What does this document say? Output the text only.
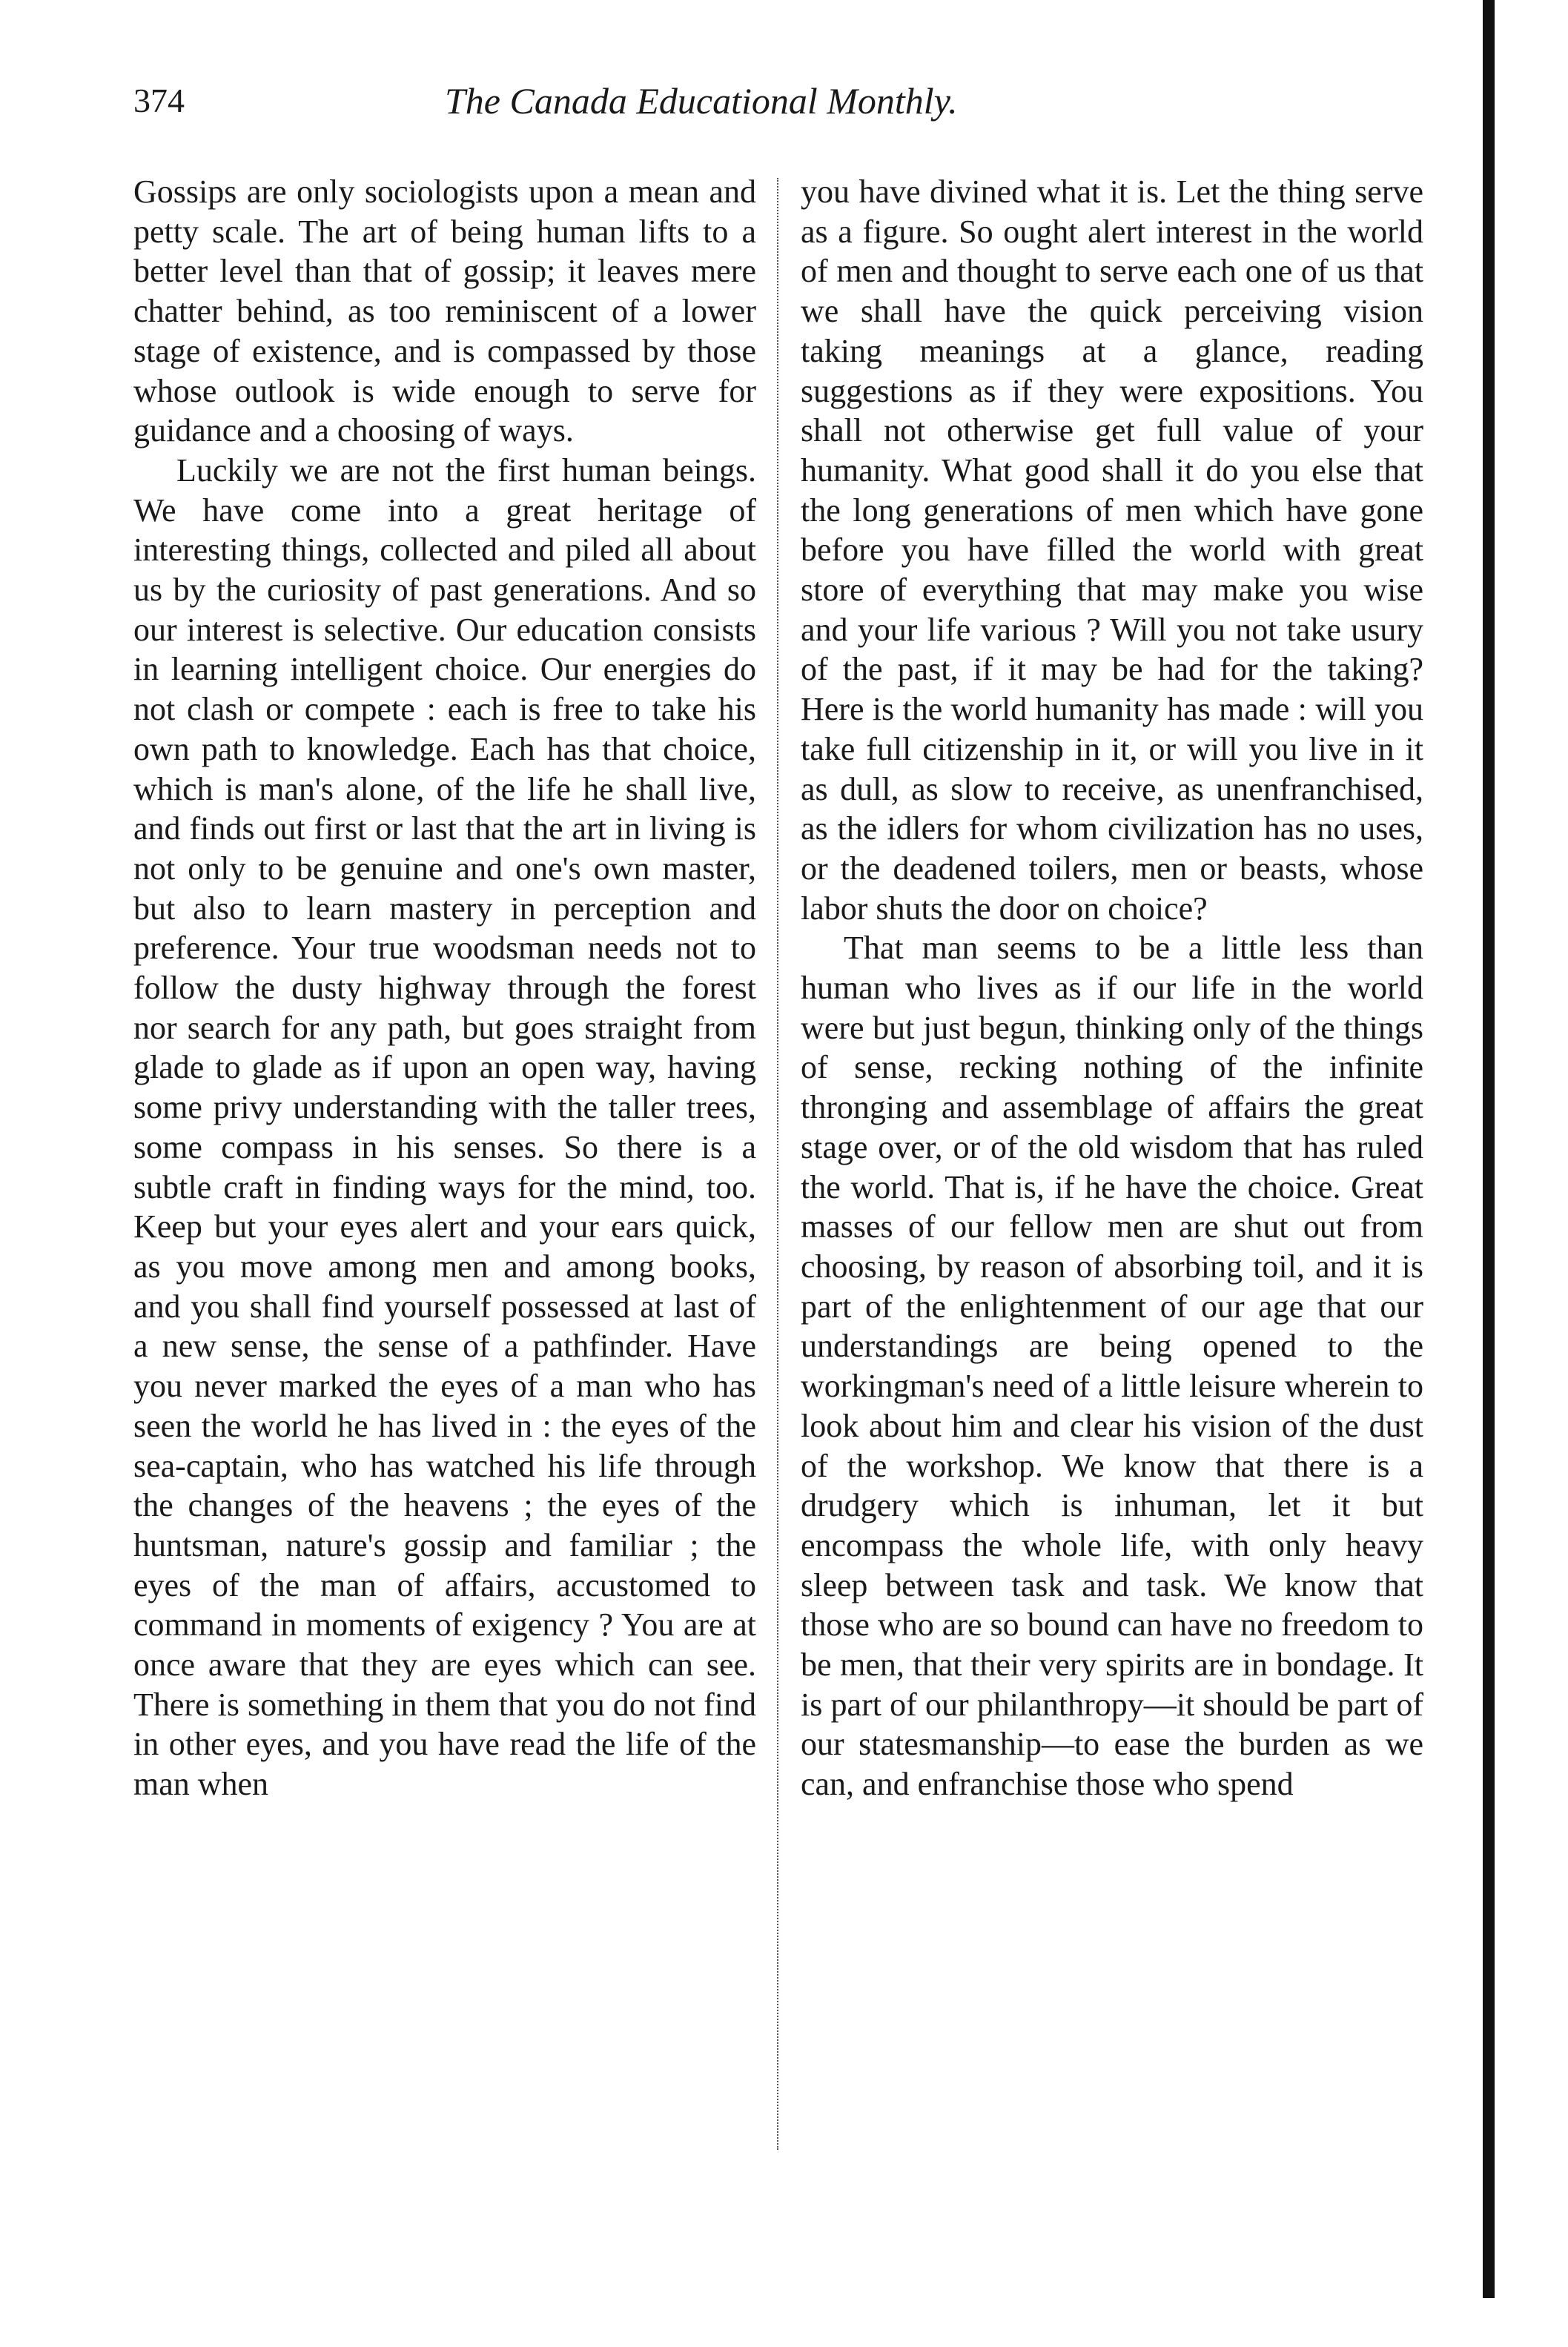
374	The Canada Educational Monthly.

Gossips are only sociologists upon a mean and petty scale. The art of being human lifts to a better level than that of gossip; it leaves mere chatter behind, as too reminiscent of a lower stage of existence, and is compassed by those whose outlook is wide enough to serve for guidance and a choosing of ways.

Luckily we are not the first human beings. We have come into a great heritage of interesting things, collected and piled all about us by the curiosity of past generations. And so our interest is selective. Our education consists in learning intelligent choice. Our energies do not clash or compete : each is free to take his own path to knowledge. Each has that choice, which is man's alone, of the life he shall live, and finds out first or last that the art in living is not only to be genuine and one's own master, but also to learn mastery in perception and preference. Your true woodsman needs not to follow the dusty highway through the forest nor search for any path, but goes straight from glade to glade as if upon an open way, having some privy understanding with the taller trees, some compass in his senses. So there is a subtle craft in finding ways for the mind, too. Keep but your eyes alert and your ears quick, as you move among men and among books, and you shall find yourself possessed at last of a new sense, the sense of a pathfinder. Have you never marked the eyes of a man who has seen the world he has lived in : the eyes of the sea-captain, who has watched his life through the changes of the heavens ; the eyes of the huntsman, nature's gossip and familiar ; the eyes of the man of affairs, accustomed to command in moments of exigency ? You are at once aware that they are eyes which can see. There is something in them that you do not find in other eyes, and you have read the life of the man when

you have divined what it is. Let the thing serve as a figure. So ought alert interest in the world of men and thought to serve each one of us that we shall have the quick perceiving vision taking meanings at a glance, reading suggestions as if they were expositions. You shall not otherwise get full value of your humanity. What good shall it do you else that the long generations of men which have gone before you have filled the world with great store of everything that may make you wise and your life various ? Will you not take usury of the past, if it may be had for the taking? Here is the world humanity has made : will you take full citizenship in it, or will you live in it as dull, as slow to receive, as unenfranchised, as the idlers for whom civilization has no uses, or the deadened toilers, men or beasts, whose labor shuts the door on choice?

That man seems to be a little less than human who lives as if our life in the world were but just begun, thinking only of the things of sense, recking nothing of the infinite thronging and assemblage of affairs the great stage over, or of the old wisdom that has ruled the world. That is, if he have the choice. Great masses of our fellow men are shut out from choosing, by reason of absorbing toil, and it is part of the enlightenment of our age that our understandings are being opened to the workingman's need of a little leisure wherein to look about him and clear his vision of the dust of the workshop. We know that there is a drudgery which is inhuman, let it but encompass the whole life, with only heavy sleep between task and task. We know that those who are so bound can have no freedom to be men, that their very spirits are in bondage. It is part of our philanthropy—it should be part of our statesmanship—to ease the burden as we can, and enfranchise those who spend
